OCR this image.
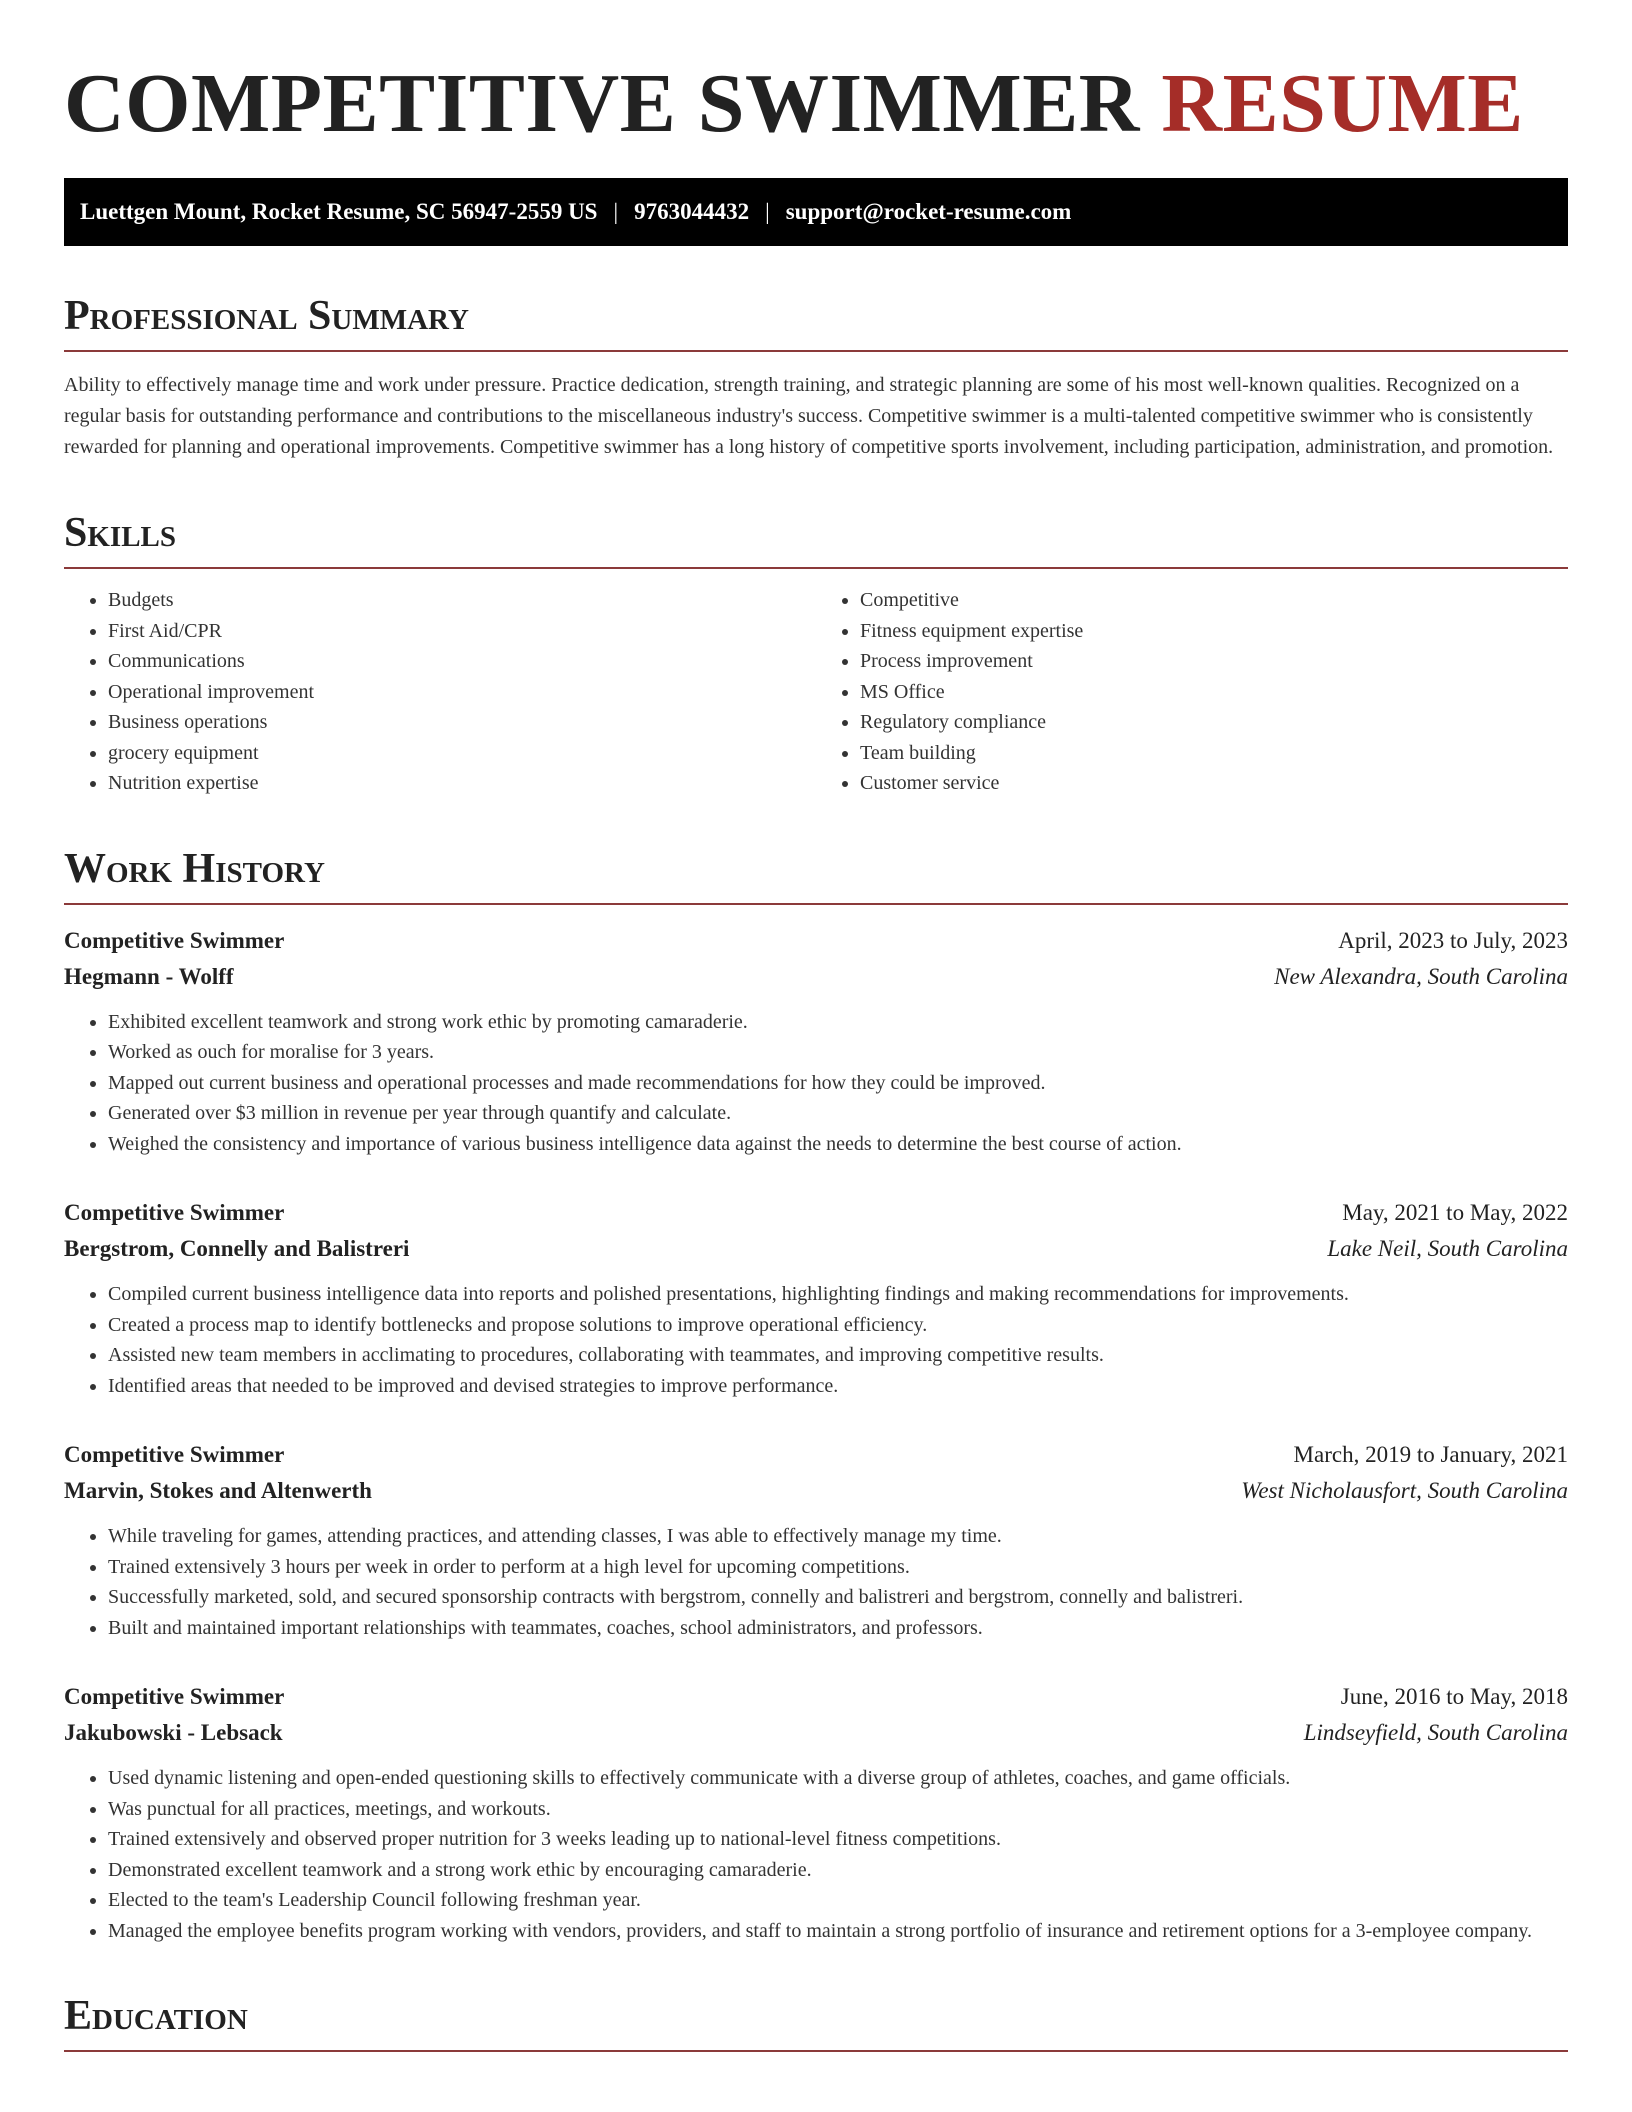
COMPETITIVE SWIMMER RESUME
Luettgen Mount, Rocket Resume, SC 56947-2559 US | 9763044432 | support@rocket-resume.com
Professional Summary

Ability to effectively manage time and work under pressure. Practice dedication, strength training, and strategic planning are some of his most well-known qualities. Recognized on a regular basis for outstanding performance and contributions to the miscellaneous industry's success. Competitive swimmer is a multi-talented competitive swimmer who is consistently rewarded for planning and operational improvements. Competitive swimmer has a long history of competitive sports involvement, including participation, administration, and promotion.

Skills
• Budgets
• First Aid/CPR
• Communications
• Operational improvement
• Business operations
• grocery equipment
• Nutrition expertise
• Competitive
• Fitness equipment expertise
• Process improvement
• MS Office
• Regulatory compliance
• Team building
• Customer service
Work History
Competitive Swimmer	April, 2023 to July, 2023
Hegmann - Wolff	New Alexandra, South Carolina
• Exhibited excellent teamwork and strong work ethic by promoting camaraderie.
• Worked as ouch for moralise for 3 years.
• Mapped out current business and operational processes and made recommendations for how they could be improved.
• Generated over $3 million in revenue per year through quantify and calculate.
• Weighed the consistency and importance of various business intelligence data against the needs to determine the best course of action.
Competitive Swimmer	May, 2021 to May, 2022
Bergstrom, Connelly and Balistreri	Lake Neil, South Carolina
• Compiled current business intelligence data into reports and polished presentations, highlighting findings and making recommendations for improvements.
• Created a process map to identify bottlenecks and propose solutions to improve operational efficiency.
• Assisted new team members in acclimating to procedures, collaborating with teammates, and improving competitive results.
• Identified areas that needed to be improved and devised strategies to improve performance.
Competitive Swimmer	March, 2019 to January, 2021
Marvin, Stokes and Altenwerth	West Nicholausfort, South Carolina
• While traveling for games, attending practices, and attending classes, I was able to effectively manage my time.
• Trained extensively 3 hours per week in order to perform at a high level for upcoming competitions.
• Successfully marketed, sold, and secured sponsorship contracts with bergstrom, connelly and balistreri and bergstrom, connelly and balistreri.
• Built and maintained important relationships with teammates, coaches, school administrators, and professors.
Competitive Swimmer	June, 2016 to May, 2018
Jakubowski - Lebsack	Lindseyfield, South Carolina
• Used dynamic listening and open-ended questioning skills to effectively communicate with a diverse group of athletes, coaches, and game officials.
• Was punctual for all practices, meetings, and workouts.
• Trained extensively and observed proper nutrition for 3 weeks leading up to national-level fitness competitions.
• Demonstrated excellent teamwork and a strong work ethic by encouraging camaraderie.
• Elected to the team's Leadership Council following freshman year.
• Managed the employee benefits program working with vendors, providers, and staff to maintain a strong portfolio of insurance and retirement options for a 3-employee company.
Education
